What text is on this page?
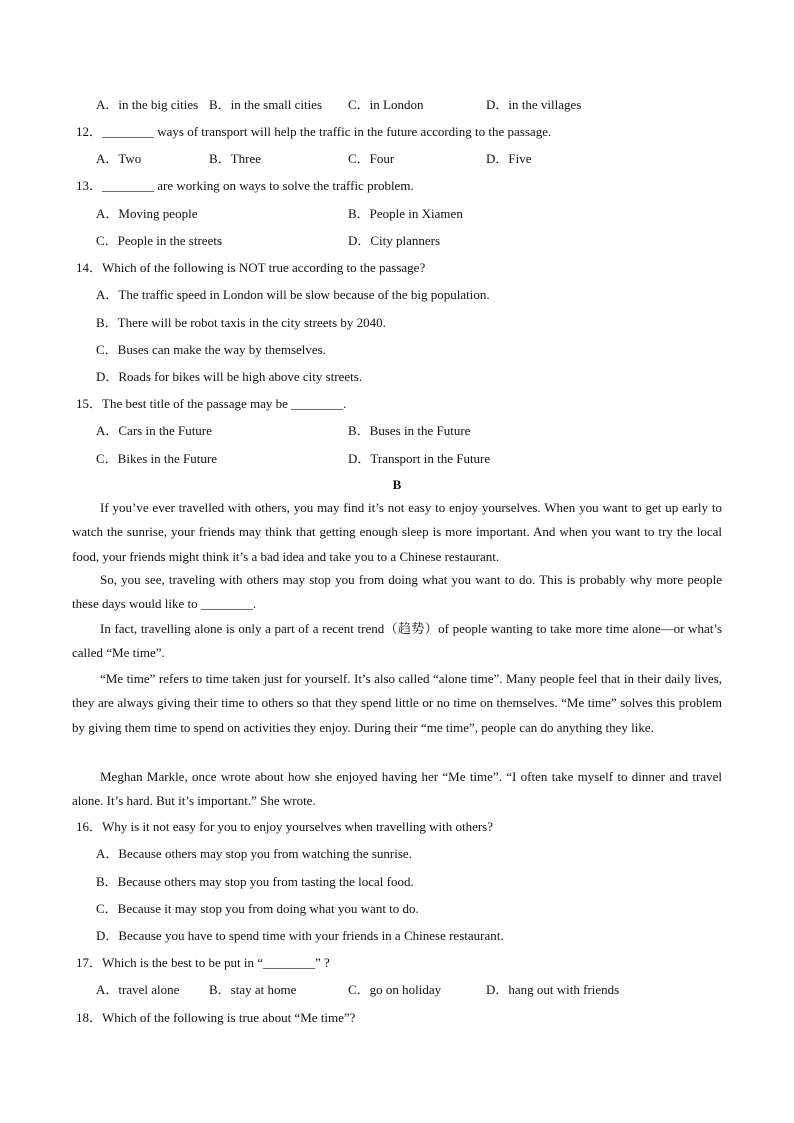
A．in the big cities B．in the small cities C．in London	D．in the villages
12．________ ways of transport will help the traffic in the future according to the passage.
A．Two	B．Three	C．Four	D．Five
13．________ are working on ways to solve the traffic problem.
A．Moving people	B．People in Xiamen
C．People in the streets	D．City planners
14．Which of the following is NOT true according to the passage?
A．The traffic speed in London will be slow because of the big population.
B．There will be robot taxis in the city streets by 2040.
C．Buses can make the way by themselves.
D．Roads for bikes will be high above city streets.
15．The best title of the passage may be ________.
A．Cars in the Future	B．Buses in the Future
C．Bikes in the Future	D．Transport in the Future
B
If you’ve ever travelled with others, you may find it’s not easy to enjoy yourselves. When you want to get up early to watch the sunrise, your friends may think that getting enough sleep is more important. And when you want to try the local food, your friends might think it’s a bad idea and take you to a Chinese restaurant.
So, you see, traveling with others may stop you from doing what you want to do. This is probably why more people these days would like to ________.
In fact, travelling alone is only a part of a recent trend（趋势）of people wanting to take more time alone—or what’s called “Me time”.
“Me time” refers to time taken just for yourself. It’s also called “alone time”. Many people feel that in their daily lives, they are always giving their time to others so that they spend little or no time on themselves. “Me time” solves this problem by giving them time to spend on activities they enjoy. During their “me time”, people can do anything they like.
Meghan Markle, once wrote about how she enjoyed having her “Me time”. “I often take myself to dinner and travel alone. It’s hard. But it’s important.” She wrote.
16．Why is it not easy for you to enjoy yourselves when travelling with others?
A．Because others may stop you from watching the sunrise.
B．Because others may stop you from tasting the local food.
C．Because it may stop you from doing what you want to do.
D．Because you have to spend time with your friends in a Chinese restaurant.
17．Which is the best to be put in “________” ?
A．travel alone B．stay at home	C．go on holiday	D．hang out with friends
18．Which of the following is true about “Me time”?
